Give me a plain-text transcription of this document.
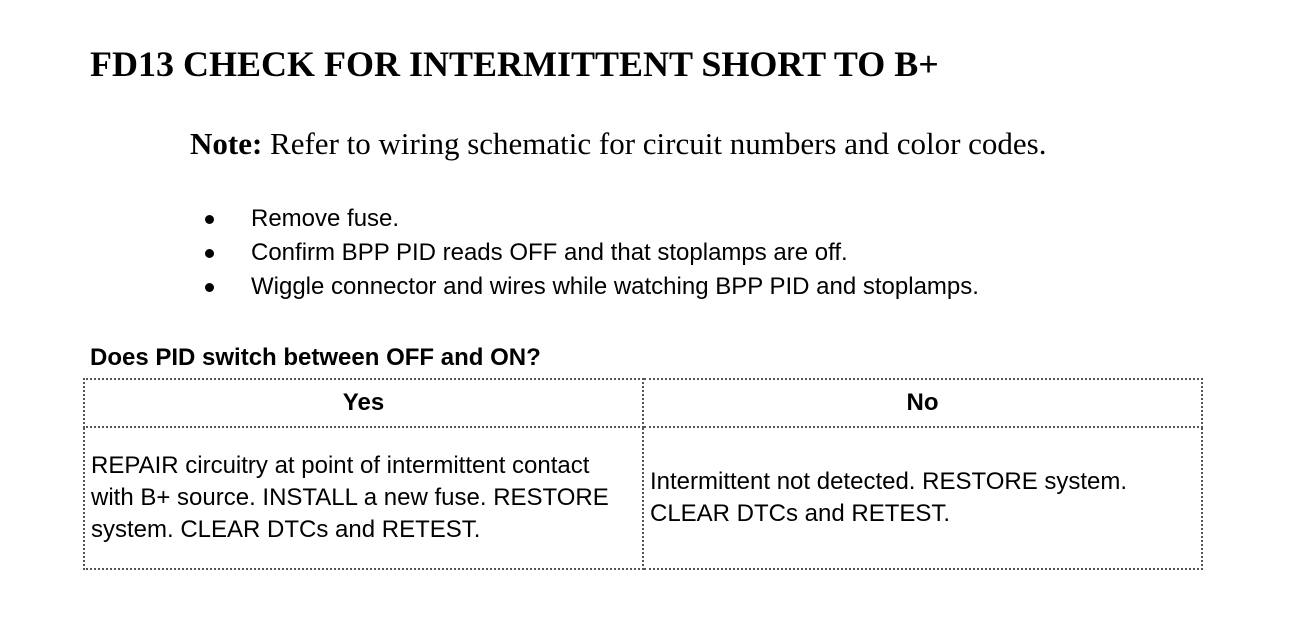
FD13 CHECK FOR INTERMITTENT SHORT TO B+

Note: Refer to wiring schematic for circuit numbers and color codes.

Remove fuse.
Confirm BPP PID reads OFF and that stoplamps are off.
Wiggle connector and wires while watching BPP PID and stoplamps.

Does PID switch between OFF and ON?

Yes	No
REPAIR circuitry at point of intermittent contact with B+ source. INSTALL a new fuse. RESTORE system. CLEAR DTCs and RETEST.	Intermittent not detected. RESTORE system. CLEAR DTCs and RETEST.
